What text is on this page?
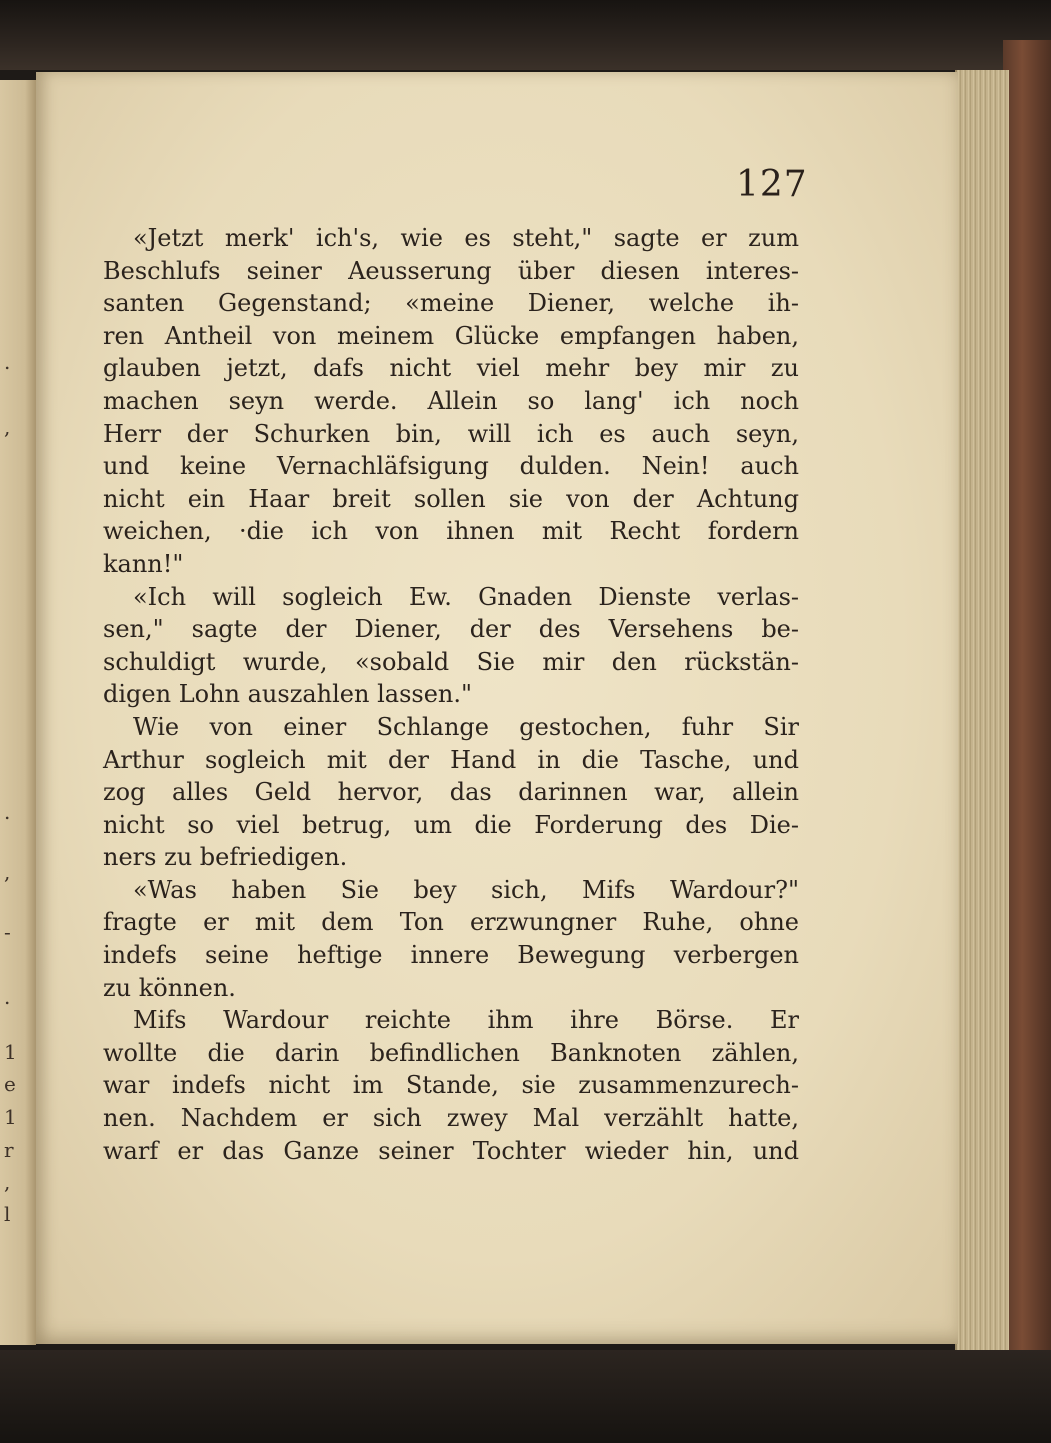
.
,
.
,
-
.
1
e
1
r
,
l
127
«Jetzt merk' ich's, wie es steht," sagte er zum
Beschlufs seiner Aeusserung über diesen interes-
santen Gegenstand; «meine Diener, welche ih-
ren Antheil von meinem Glücke empfangen haben,
glauben jetzt, dafs nicht viel mehr bey mir zu
machen seyn werde. Allein so lang' ich noch
Herr der Schurken bin, will ich es auch seyn,
und keine Vernachläfsigung dulden. Nein! auch
nicht ein Haar breit sollen sie von der Achtung
weichen, ·die ich von ihnen mit Recht fordern
kann!"
«Ich will sogleich Ew. Gnaden Dienste verlas-
sen," sagte der Diener, der des Versehens be-
schuldigt wurde, «sobald Sie mir den rückstän-
digen Lohn auszahlen lassen."
Wie von einer Schlange gestochen, fuhr Sir
Arthur sogleich mit der Hand in die Tasche, und
zog alles Geld hervor, das darinnen war, allein
nicht so viel betrug, um die Forderung des Die-
ners zu befriedigen.
«Was haben Sie bey sich, Mifs Wardour?"
fragte er mit dem Ton erzwungner Ruhe, ohne
indefs seine heftige innere Bewegung verbergen
zu können.
Mifs Wardour reichte ihm ihre Börse. Er
wollte die darin befindlichen Banknoten zählen,
war indefs nicht im Stande, sie zusammenzurech-
nen. Nachdem er sich zwey Mal verzählt hatte,
warf er das Ganze seiner Tochter wieder hin, und
